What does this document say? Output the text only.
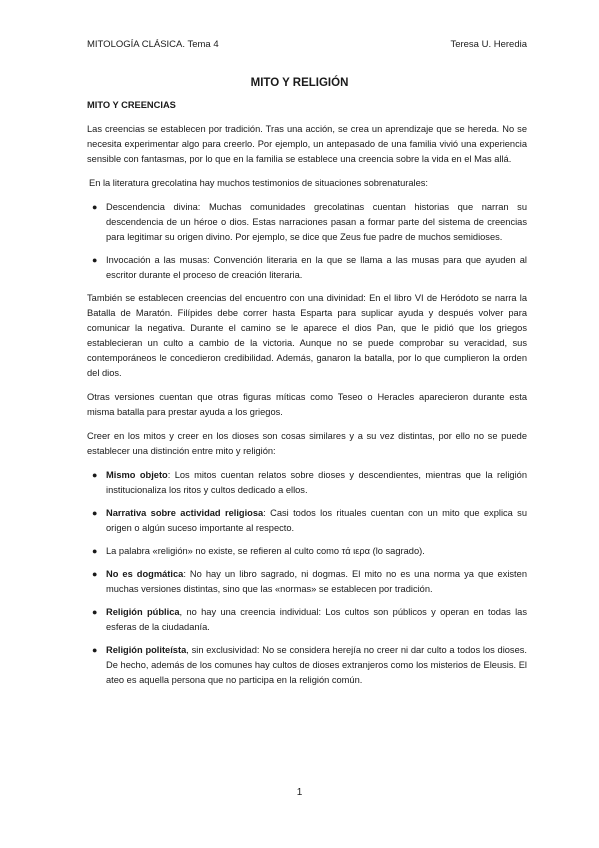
MITOLOGÍA CLÁSICA. Tema 4	Teresa U. Heredia
MITO Y RELIGIÓN
MITO Y CREENCIAS

Las creencias se establecen por tradición. Tras una acción, se crea un aprendizaje que se hereda. No se necesita experimentar algo para creerlo. Por ejemplo, un antepasado de una familia vivió una experiencia sensible con fantasmas, por lo que en la familia se establece una creencia sobre la vida en el Mas allá.

En la literatura grecolatina hay muchos testimonios de situaciones sobrenaturales:

● Descendencia divina: Muchas comunidades grecolatinas cuentan historias que narran su descendencia de un héroe o dios. Estas narraciones pasan a formar parte del sistema de creencias para legitimar su origen divino. Por ejemplo, se dice que Zeus fue padre de muchos semidioses.
● Invocación a las musas: Convención literaria en la que se llama a las musas para que ayuden al escritor durante el proceso de creación literaria.

También se establecen creencias del encuentro con una divinidad: En el libro VI de Heródoto se narra la Batalla de Maratón. Filípides debe correr hasta Esparta para suplicar ayuda y después volver para comunicar la negativa. Durante el camino se le aparece el dios Pan, que le pidió que los griegos establecieran un culto a cambio de la victoria. Aunque no se puede comprobar su veracidad, sus contemporáneos le concedieron credibilidad. Además, ganaron la batalla, por lo que cumplieron la orden del dios.

Otras versiones cuentan que otras figuras míticas como Teseo o Heracles aparecieron durante esta misma batalla para prestar ayuda a los griegos.

Creer en los mitos y creer en los dioses son cosas similares y a su vez distintas, por ello no se puede establecer una distinción entre mito y religión:

● Mismo objeto: Los mitos cuentan relatos sobre dioses y descendientes, mientras que la religión institucionaliza los ritos y cultos dedicado a ellos.
● Narrativa sobre actividad religiosa: Casi todos los rituales cuentan con un mito que explica su origen o algún suceso importante al respecto.
● La palabra «religión» no existe, se refieren al culto como τά ιερα (lo sagrado).
● No es dogmática: No hay un libro sagrado, ni dogmas. El mito no es una norma ya que existen muchas versiones distintas, sino que las «normas» se establecen por tradición.
● Religión pública, no hay una creencia individual: Los cultos son públicos y operan en todas las esferas de la ciudadanía.
● Religión politeísta, sin exclusividad: No se considera herejía no creer ni dar culto a todos los dioses. De hecho, además de los comunes hay cultos de dioses extranjeros como los misterios de Eleusis. El ateo es aquella persona que no participa en la religión común.
1
